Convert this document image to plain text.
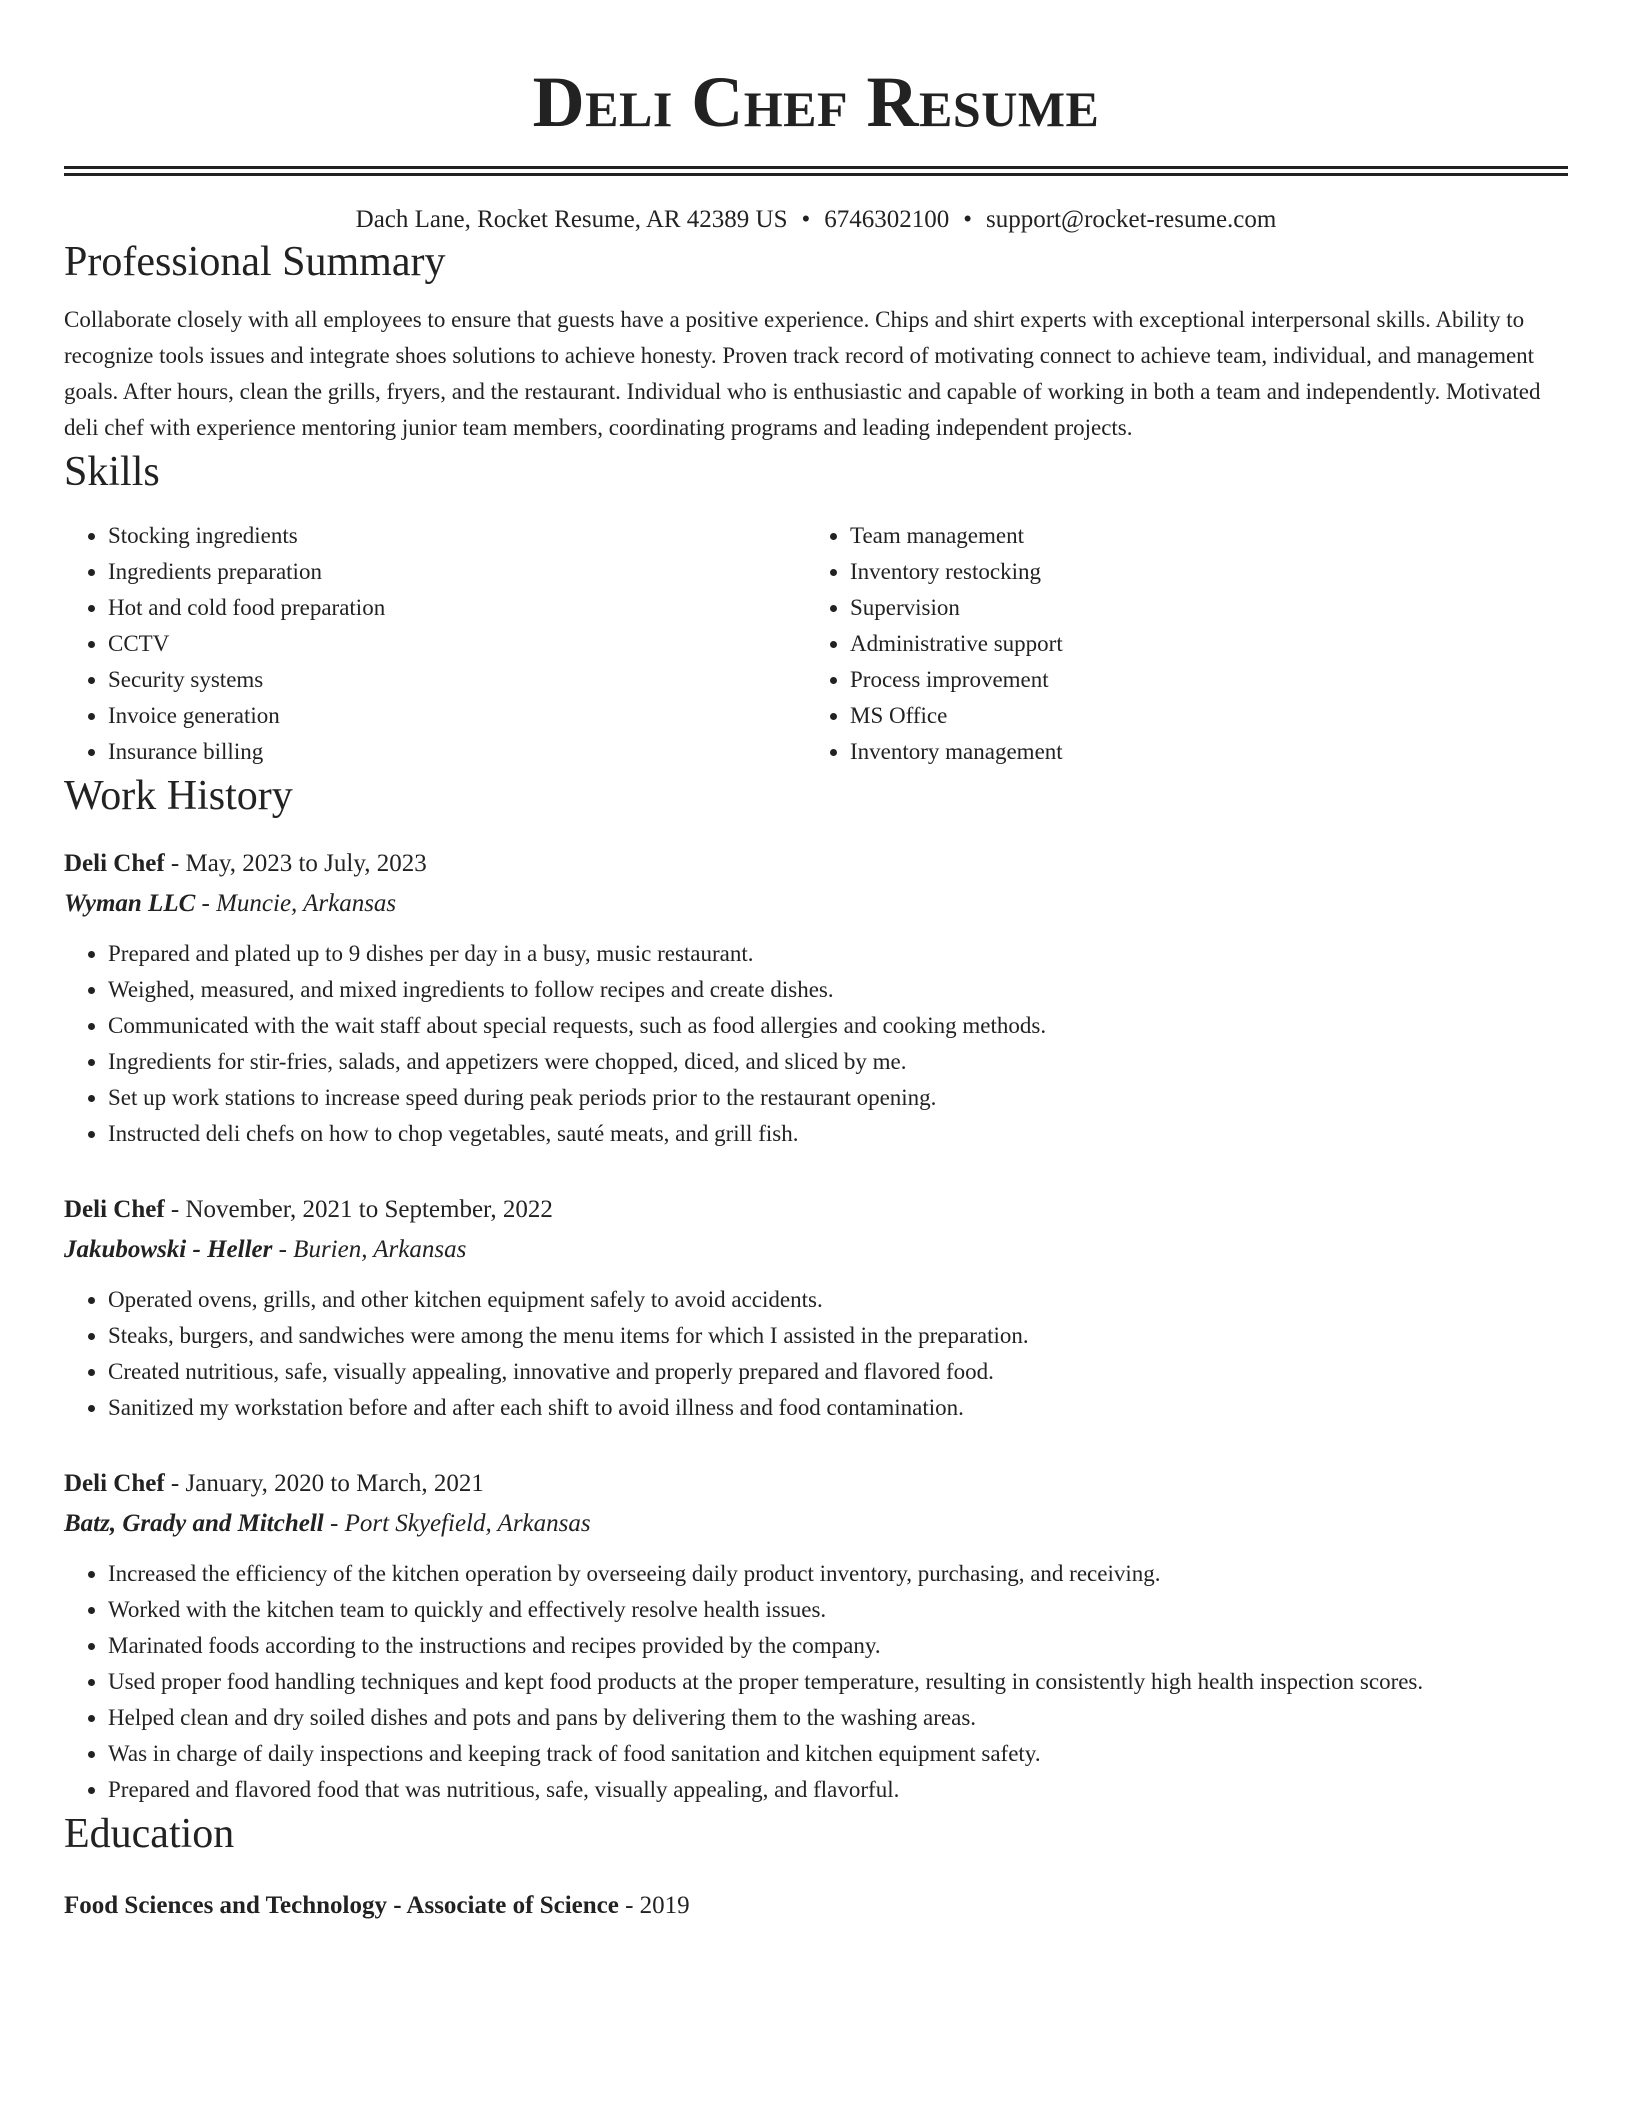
Deli Chef Resume
Dach Lane, Rocket Resume, AR 42389 US • 6746302100 • support@rocket-resume.com
Professional Summary

Collaborate closely with all employees to ensure that guests have a positive experience. Chips and shirt experts with exceptional interpersonal skills. Ability to recognize tools issues and integrate shoes solutions to achieve honesty. Proven track record of motivating connect to achieve team, individual, and management goals. After hours, clean the grills, fryers, and the restaurant. Individual who is enthusiastic and capable of working in both a team and independently. Motivated deli chef with experience mentoring junior team members, coordinating programs and leading independent projects.

Skills
• Stocking ingredients
• Ingredients preparation
• Hot and cold food preparation
• CCTV
• Security systems
• Invoice generation
• Insurance billing
• Team management
• Inventory restocking
• Supervision
• Administrative support
• Process improvement
• MS Office
• Inventory management
Work History
Deli Chef - May, 2023 to July, 2023
Wyman LLC - Muncie, Arkansas
• Prepared and plated up to 9 dishes per day in a busy, music restaurant.
• Weighed, measured, and mixed ingredients to follow recipes and create dishes.
• Communicated with the wait staff about special requests, such as food allergies and cooking methods.
• Ingredients for stir-fries, salads, and appetizers were chopped, diced, and sliced by me.
• Set up work stations to increase speed during peak periods prior to the restaurant opening.
• Instructed deli chefs on how to chop vegetables, sauté meats, and grill fish.
Deli Chef - November, 2021 to September, 2022
Jakubowski - Heller - Burien, Arkansas
• Operated ovens, grills, and other kitchen equipment safely to avoid accidents.
• Steaks, burgers, and sandwiches were among the menu items for which I assisted in the preparation.
• Created nutritious, safe, visually appealing, innovative and properly prepared and flavored food.
• Sanitized my workstation before and after each shift to avoid illness and food contamination.
Deli Chef - January, 2020 to March, 2021
Batz, Grady and Mitchell - Port Skyefield, Arkansas
• Increased the efficiency of the kitchen operation by overseeing daily product inventory, purchasing, and receiving.
• Worked with the kitchen team to quickly and effectively resolve health issues.
• Marinated foods according to the instructions and recipes provided by the company.
• Used proper food handling techniques and kept food products at the proper temperature, resulting in consistently high health inspection scores.
• Helped clean and dry soiled dishes and pots and pans by delivering them to the washing areas.
• Was in charge of daily inspections and keeping track of food sanitation and kitchen equipment safety.
• Prepared and flavored food that was nutritious, safe, visually appealing, and flavorful.
Education
Food Sciences and Technology - Associate of Science - 2019
